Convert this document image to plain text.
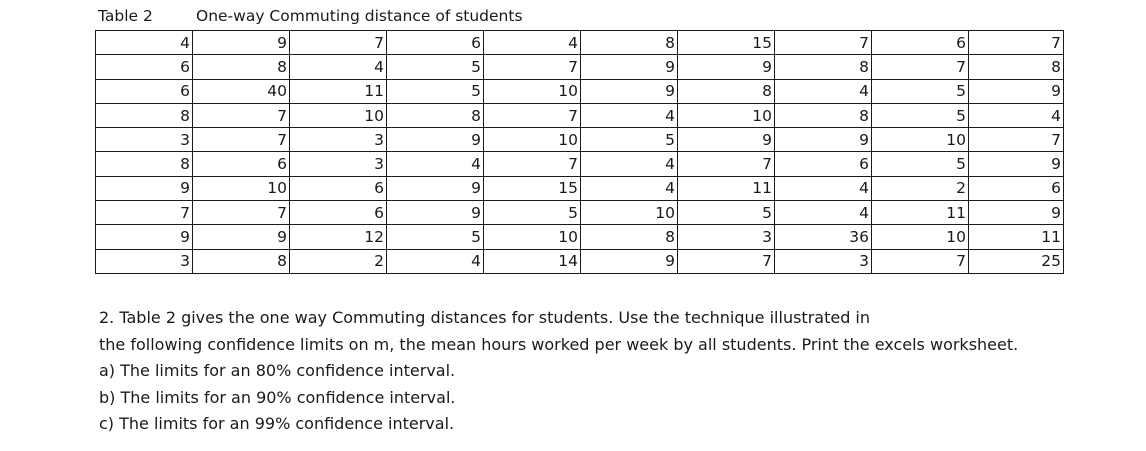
Table 2	One-way Commuting distance of students
4	9	7	6	4	8	15	7	6	7
6	8	4	5	7	9	9	8	7	8
6	40	11	5	10	9	8	4	5	9
8	7	10	8	7	4	10	8	5	4
3	7	3	9	10	5	9	9	10	7
8	6	3	4	7	4	7	6	5	9
9	10	6	9	15	4	11	4	2	6
7	7	6	9	5	10	5	4	11	9
9	9	12	5	10	8	3	36	10	11
3	8	2	4	14	9	7	3	7	25

2. Table 2 gives the one way Commuting distances for students. Use the technique illustrated in

the following confidence limits on m, the mean hours worked per week by all students. Print the excels worksheet.

a) The limits for an 80% confidence interval.

b) The limits for an 90% confidence interval.

c) The limits for an 99% confidence interval.
